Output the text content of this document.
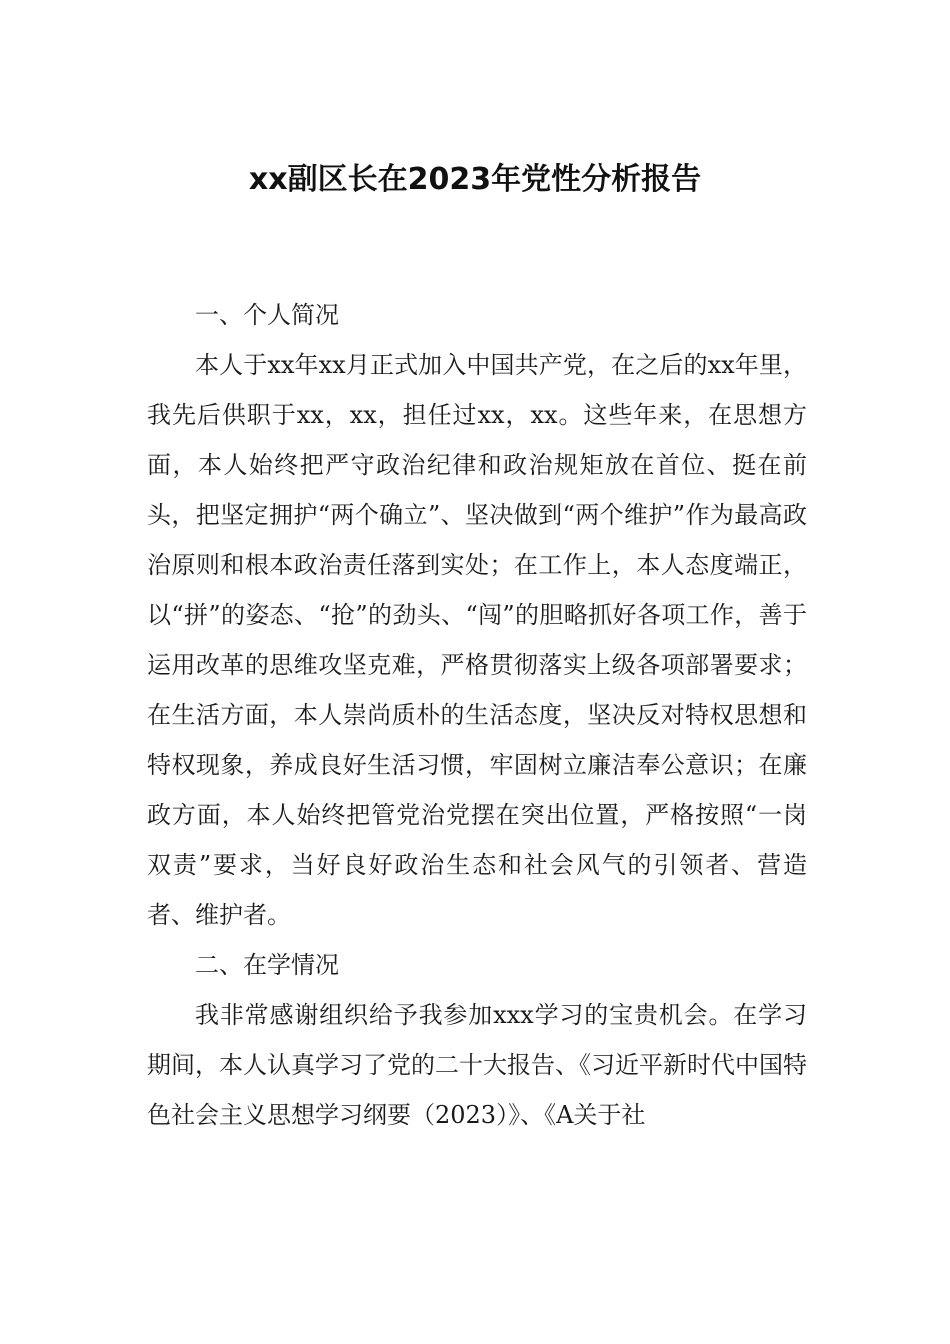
xx副区长在2023年党性分析报告
一、个人简况

本人于xx年xx月正式加入中国共产党，在之后的xx年里，我先后供职于xx，xx，担任过xx，xx。这些年来，在思想方面，本人始终把严守政治纪律和政治规矩放在首位、挺在前头，把坚定拥护“两个确立”、坚决做到“两个维护”作为最高政治原则和根本政治责任落到实处；在工作上，本人态度端正，以“拼”的姿态、“抢”的劲头、“闯”的胆略抓好各项工作，善于运用改革的思维攻坚克难，严格贯彻落实上级各项部署要求；在生活方面，本人崇尚质朴的生活态度，坚决反对特权思想和特权现象，养成良好生活习惯，牢固树立廉洁奉公意识；在廉政方面，本人始终把管党治党摆在突出位置，严格按照“一岗双责”要求，当好良好政治生态和社会风气的引领者、营造者、维护者。

二、在学情况

我非常感谢组织给予我参加xxx学习的宝贵机会。在学习期间，本人认真学习了党的二十大报告、《习近平新时代中国特色社会主义思想学习纲要（2023）》、《A关于社
